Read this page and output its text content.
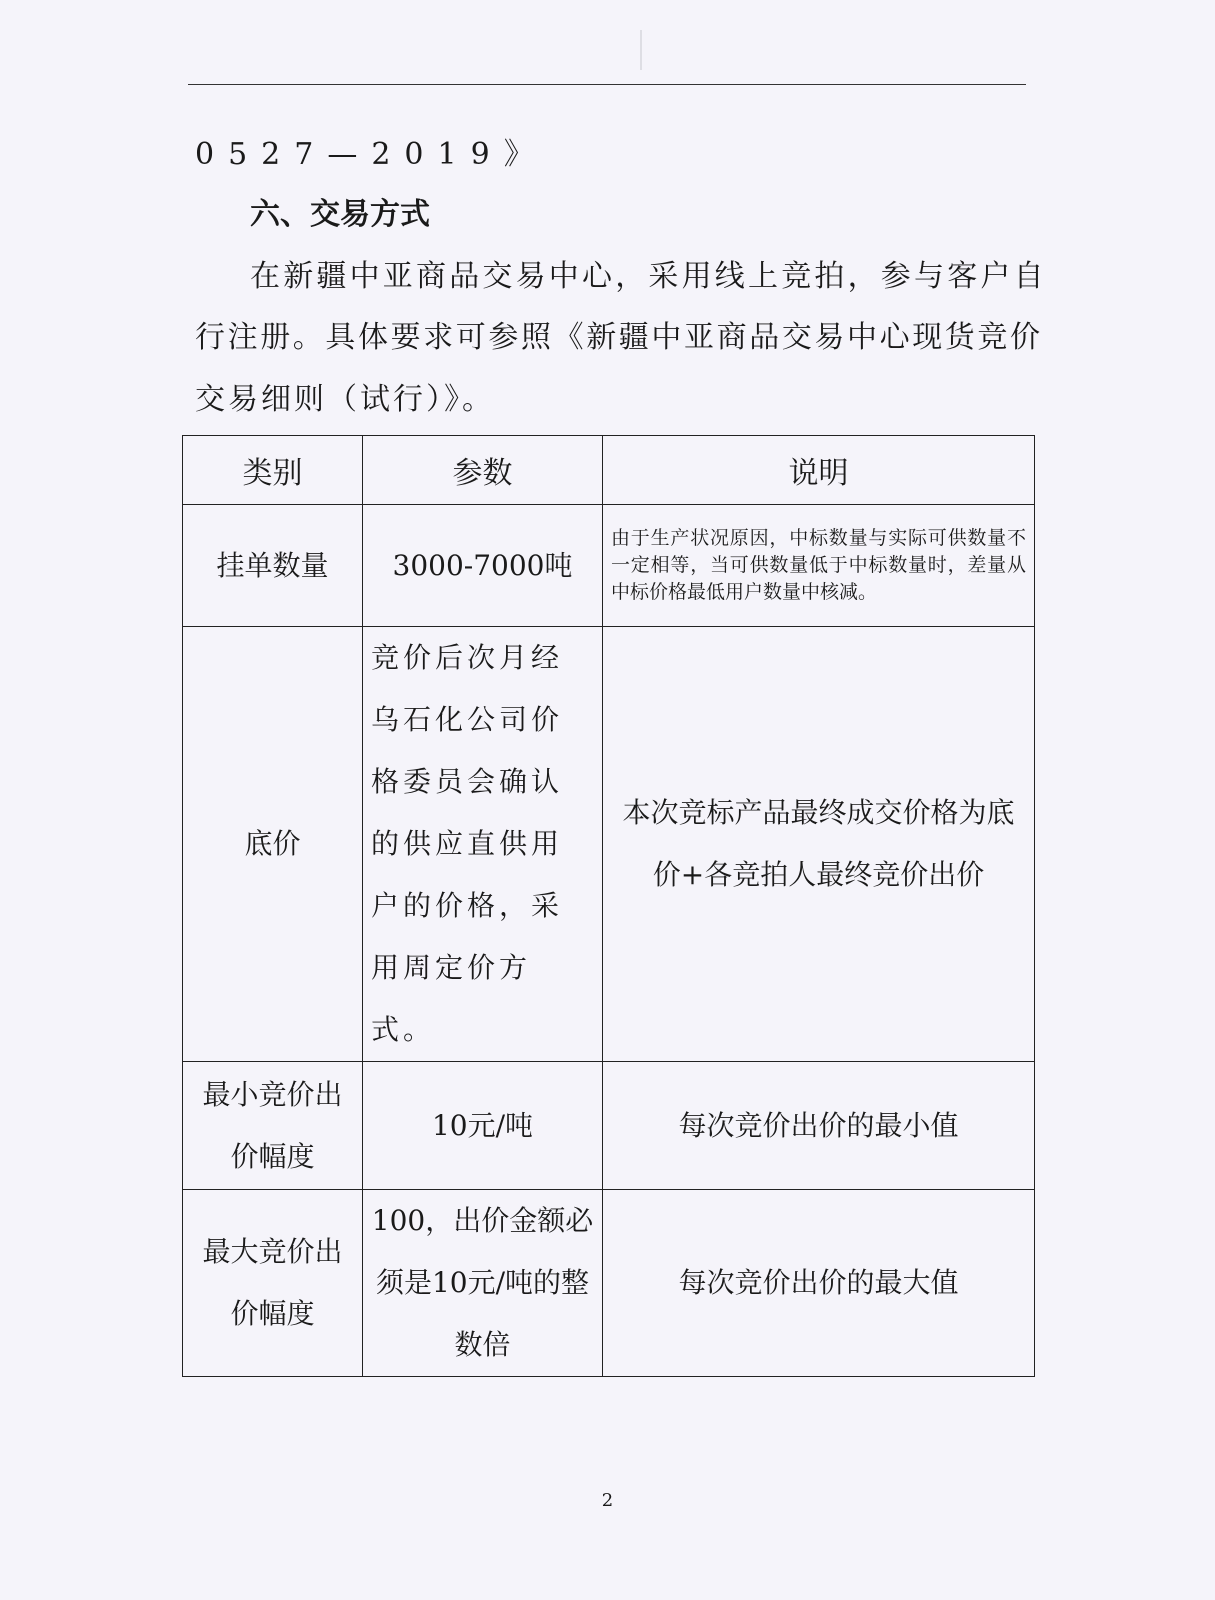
0527—2019》
六、交易方式
在新疆中亚商品交易中心，采用线上竞拍，参与客户自
行注册。具体要求可参照《新疆中亚商品交易中心现货竞价
交易细则（试行）》。
类别	参数	说明
挂单数量	3000-7000吨	由于生产状况原因，中标数量与实际可供数量不一定相等，当可供数量低于中标数量时，差量从中标价格最低用户数量中核减。
底价	竞价后次月经乌石化公司价格委员会确认的供应直供用户的价格，采用周定价方式。	本次竞标产品最终成交价格为底价+各竞拍人最终竞价出价
最小竞价出价幅度	10元/吨	每次竞价出价的最小值
最大竞价出价幅度	100，出价金额必须是10元/吨的整数倍	每次竞价出价的最大值
2
